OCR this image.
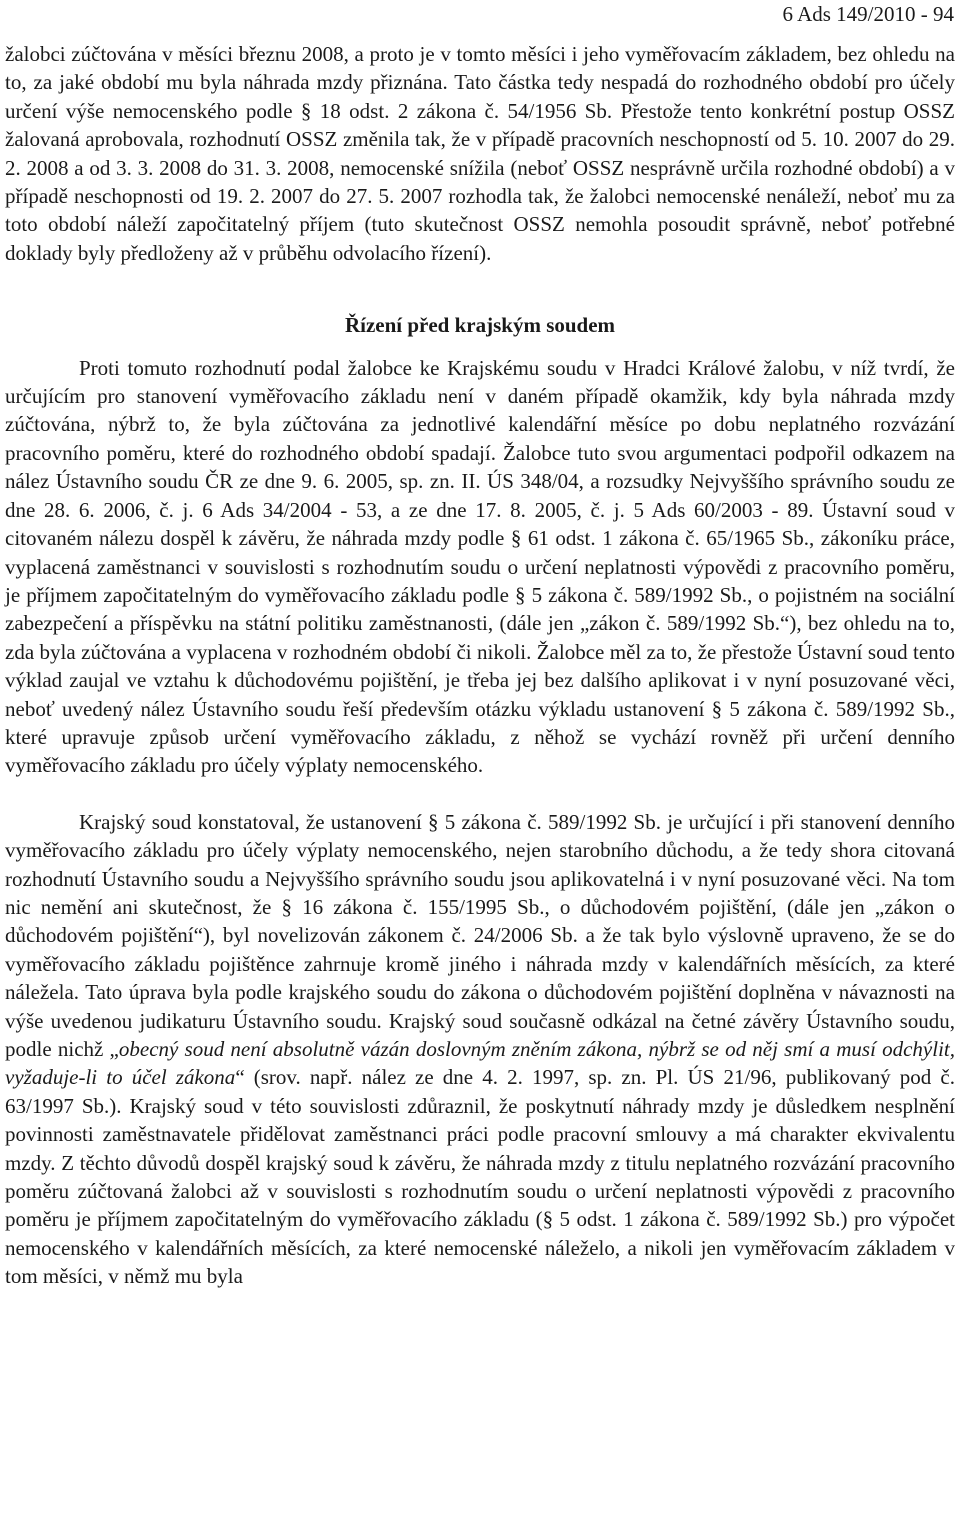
6 Ads 149/2010 - 94

žalobci zúčtována v měsíci březnu 2008, a proto je v tomto měsíci i jeho vyměřovacím základem, bez ohledu na to, za jaké období mu byla náhrada mzdy přiznána. Tato částka tedy nespadá do rozhodného období pro účely určení výše nemocenského podle § 18 odst. 2 zákona č. 54/1956 Sb. Přestože tento konkrétní postup OSSZ žalovaná aprobovala, rozhodnutí OSSZ změnila tak, že v případě pracovních neschopností od 5. 10. 2007 do 29. 2. 2008 a od 3. 3. 2008 do 31. 3. 2008, nemocenské snížila (neboť OSSZ nesprávně určila rozhodné období) a v případě neschopnosti od 19. 2. 2007 do 27. 5. 2007 rozhodla tak, že žalobci nemocenské nenáleží, neboť mu za toto období náleží započitatelný příjem (tuto skutečnost OSSZ nemohla posoudit správně, neboť potřebné doklady byly předloženy až v průběhu odvolacího řízení).

Řízení před krajským soudem

Proti tomuto rozhodnutí podal žalobce ke Krajskému soudu v Hradci Králové žalobu, v níž tvrdí, že určujícím pro stanovení vyměřovacího základu není v daném případě okamžik, kdy byla náhrada mzdy zúčtována, nýbrž to, že byla zúčtována za jednotlivé kalendářní měsíce po dobu neplatného rozvázání pracovního poměru, které do rozhodného období spadají. Žalobce tuto svou argumentaci podpořil odkazem na nález Ústavního soudu ČR ze dne 9. 6. 2005, sp. zn. II. ÚS 348/04, a rozsudky Nejvyššího správního soudu ze dne 28. 6. 2006, č. j. 6 Ads 34/2004 - 53, a ze dne 17. 8. 2005, č. j. 5 Ads 60/2003 - 89. Ústavní soud v citovaném nálezu dospěl k závěru, že náhrada mzdy podle § 61 odst. 1 zákona č. 65/1965 Sb., zákoníku práce, vyplacená zaměstnanci v souvislosti s rozhodnutím soudu o určení neplatnosti výpovědi z pracovního poměru, je příjmem započitatelným do vyměřovacího základu podle § 5 zákona č. 589/1992 Sb., o pojistném na sociální zabezpečení a příspěvku na státní politiku zaměstnanosti, (dále jen „zákon č. 589/1992 Sb.“), bez ohledu na to, zda byla zúčtována a vyplacena v rozhodném období či nikoli. Žalobce měl za to, že přestože Ústavní soud tento výklad zaujal ve vztahu k důchodovému pojištění, je třeba jej bez dalšího aplikovat i v nyní posuzované věci, neboť uvedený nález Ústavního soudu řeší především otázku výkladu ustanovení § 5 zákona č. 589/1992 Sb., které upravuje způsob určení vyměřovacího základu, z něhož se vychází rovněž při určení denního vyměřovacího základu pro účely výplaty nemocenského.

Krajský soud konstatoval, že ustanovení § 5 zákona č. 589/1992 Sb. je určující i při stanovení denního vyměřovacího základu pro účely výplaty nemocenského, nejen starobního důchodu, a že tedy shora citovaná rozhodnutí Ústavního soudu a Nejvyššího správního soudu jsou aplikovatelná i v nyní posuzované věci. Na tom nic nemění ani skutečnost, že § 16 zákona č. 155/1995 Sb., o důchodovém pojištění, (dále jen „zákon o důchodovém pojištění“), byl novelizován zákonem č. 24/2006 Sb. a že tak bylo výslovně upraveno, že se do vyměřovacího základu pojištěnce zahrnuje kromě jiného i náhrada mzdy v kalendářních měsících, za které náležela. Tato úprava byla podle krajského soudu do zákona o důchodovém pojištění doplněna v návaznosti na výše uvedenou judikaturu Ústavního soudu. Krajský soud současně odkázal na četné závěry Ústavního soudu, podle nichž „obecný soud není absolutně vázán doslovným zněním zákona, nýbrž se od něj smí a musí odchýlit, vyžaduje-li to účel zákona“ (srov. např. nález ze dne 4. 2. 1997, sp. zn. Pl. ÚS 21/96, publikovaný pod č. 63/1997 Sb.). Krajský soud v této souvislosti zdůraznil, že poskytnutí náhrady mzdy je důsledkem nesplnění povinnosti zaměstnavatele přidělovat zaměstnanci práci podle pracovní smlouvy a má charakter ekvivalentu mzdy. Z těchto důvodů dospěl krajský soud k závěru, že náhrada mzdy z titulu neplatného rozvázání pracovního poměru zúčtovaná žalobci až v souvislosti s rozhodnutím soudu o určení neplatnosti výpovědi z pracovního poměru je příjmem započitatelným do vyměřovacího základu (§ 5 odst. 1 zákona č. 589/1992 Sb.) pro výpočet nemocenského v kalendářních měsících, za které nemocenské náleželo, a nikoli jen vyměřovacím základem v tom měsíci, v němž mu byla
